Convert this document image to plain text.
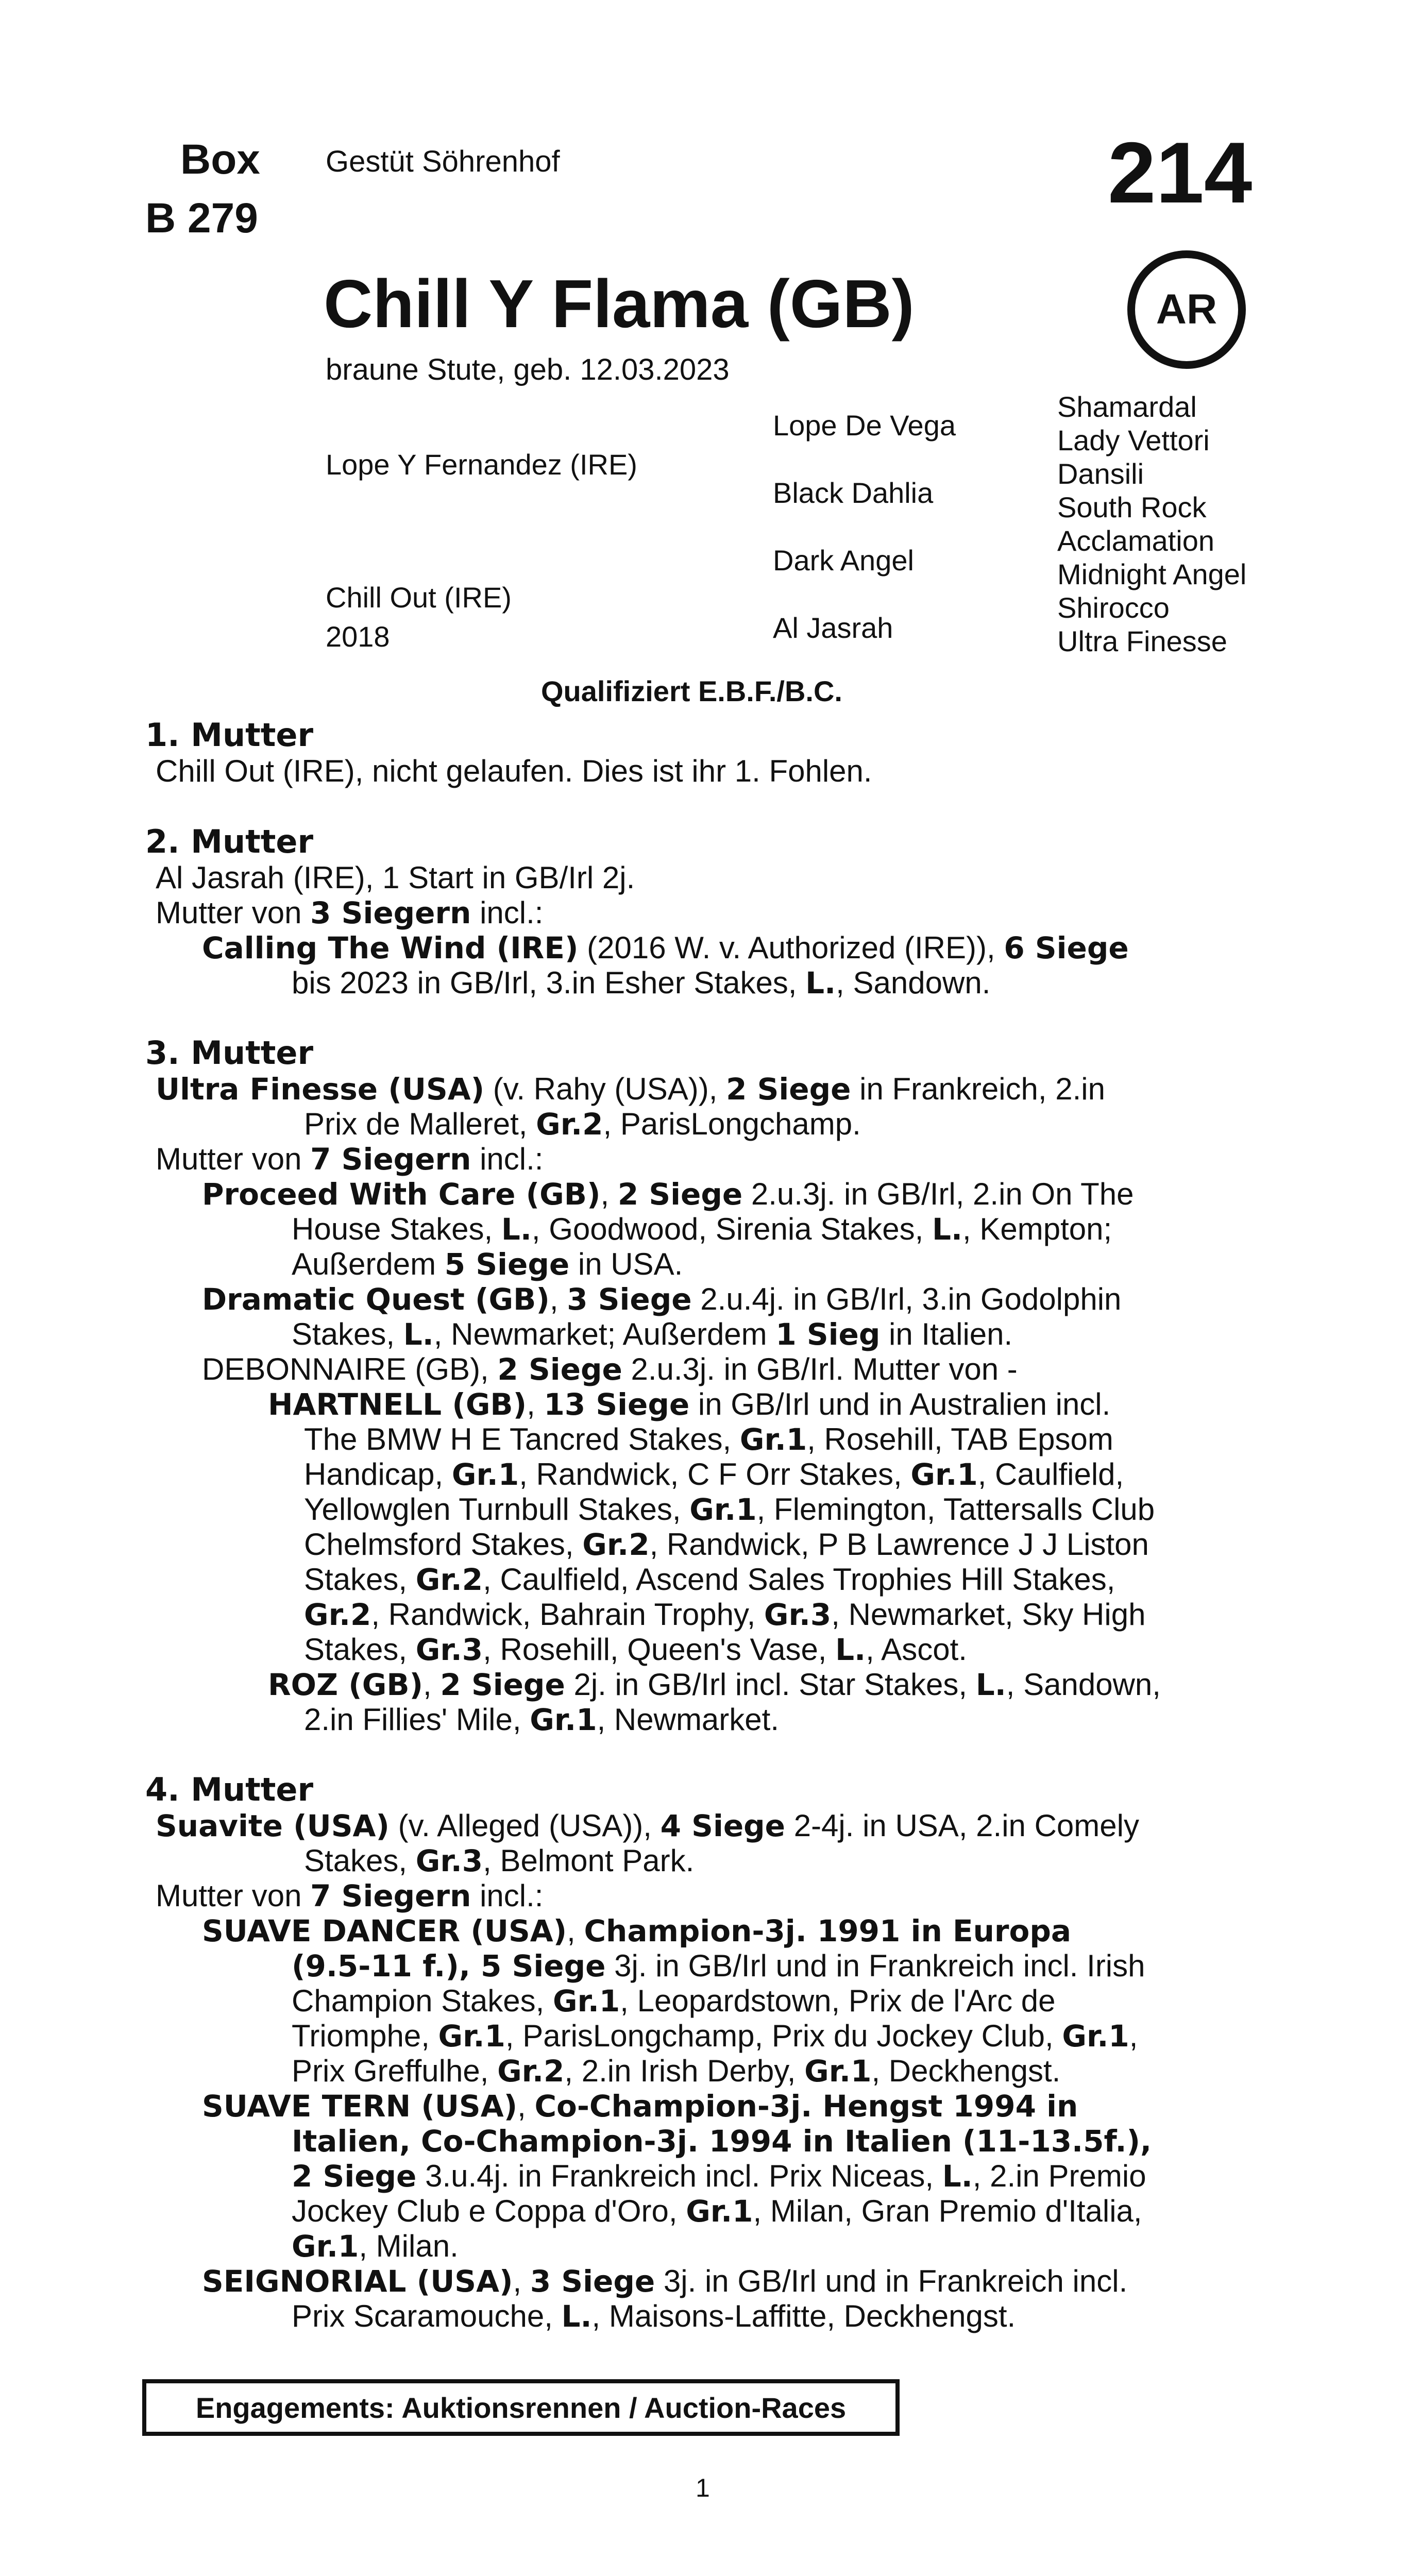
Box
B 279
Gestüt Söhrenhof	214
Chill Y Flama (GB)	AR
braune Stute, geb. 12.03.2023
Lope Y Fernandez (IRE)
Chill Out (IRE)
2018
Lope De Vega
Black Dahlia
Dark Angel
Al Jasrah
Shamardal
Lady Vettori
Dansili
South Rock
Acclamation
Midnight Angel
Shirocco
Ultra Finesse
Qualifiziert E.B.F./B.C.
1. Mutter
Chill Out (IRE), nicht gelaufen. Dies ist ihr 1. Fohlen.
2. Mutter
Al Jasrah (IRE), 1 Start in GB/Irl 2j.
Mutter von 3 Siegern incl.:
Calling The Wind (IRE) (2016 W. v. Authorized (IRE)), 6 Siege
bis 2023 in GB/Irl, 3.in Esher Stakes, L., Sandown.
3. Mutter
Ultra Finesse (USA) (v. Rahy (USA)), 2 Siege in Frankreich, 2.in
Prix de Malleret, Gr.2, ParisLongchamp.
Mutter von 7 Siegern incl.:
Proceed With Care (GB), 2 Siege 2.u.3j. in GB/Irl, 2.in On The
House Stakes, L., Goodwood, Sirenia Stakes, L., Kempton;
Außerdem 5 Siege in USA.
Dramatic Quest (GB), 3 Siege 2.u.4j. in GB/Irl, 3.in Godolphin
Stakes, L., Newmarket; Außerdem 1 Sieg in Italien.
DEBONNAIRE (GB), 2 Siege 2.u.3j. in GB/Irl. Mutter von -
HARTNELL (GB), 13 Siege in GB/Irl und in Australien incl.
The BMW H E Tancred Stakes, Gr.1, Rosehill, TAB Epsom
Handicap, Gr.1, Randwick, C F Orr Stakes, Gr.1, Caulfield,
Yellowglen Turnbull Stakes, Gr.1, Flemington, Tattersalls Club
Chelmsford Stakes, Gr.2, Randwick, P B Lawrence J J Liston
Stakes, Gr.2, Caulfield, Ascend Sales Trophies Hill Stakes,
Gr.2, Randwick, Bahrain Trophy, Gr.3, Newmarket, Sky High
Stakes, Gr.3, Rosehill, Queen's Vase, L., Ascot.
ROZ (GB), 2 Siege 2j. in GB/Irl incl. Star Stakes, L., Sandown,
2.in Fillies' Mile, Gr.1, Newmarket.
4. Mutter
Suavite (USA) (v. Alleged (USA)), 4 Siege 2-4j. in USA, 2.in Comely
Stakes, Gr.3, Belmont Park.
Mutter von 7 Siegern incl.:
SUAVE DANCER (USA), Champion-3j. 1991 in Europa
(9.5-11 f.), 5 Siege 3j. in GB/Irl und in Frankreich incl. Irish
Champion Stakes, Gr.1, Leopardstown, Prix de l'Arc de
Triomphe, Gr.1, ParisLongchamp, Prix du Jockey Club, Gr.1,
Prix Greffulhe, Gr.2, 2.in Irish Derby, Gr.1, Deckhengst.
SUAVE TERN (USA), Co-Champion-3j. Hengst 1994 in
Italien, Co-Champion-3j. 1994 in Italien (11-13.5f.),
2 Siege 3.u.4j. in Frankreich incl. Prix Niceas, L., 2.in Premio
Jockey Club e Coppa d'Oro, Gr.1, Milan, Gran Premio d'Italia,
Gr.1, Milan.
SEIGNORIAL (USA), 3 Siege 3j. in GB/Irl und in Frankreich incl.
Prix Scaramouche, L., Maisons-Laffitte, Deckhengst.
Engagements: Auktionsrennen / Auction-Races
1
